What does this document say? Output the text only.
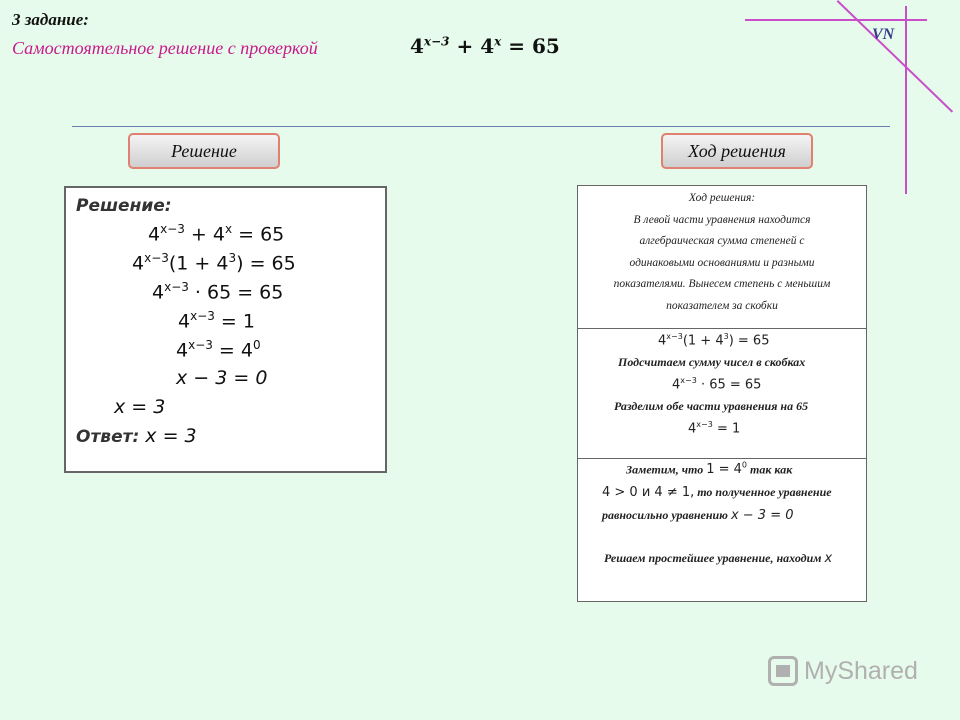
3 задание:
Самостоятельное решение с проверкой	$4^{x-3} + 4^x = 65$	VN
Решение	Ход решения
Решение:
$4^{x-3} + 4^x = 65$
$4^{x-3}(1 + 4^3) = 65$
$4^{x-3} \cdot 65 = 65$
$4^{x-3} = 1$
$4^{x-3} = 4^0$
x − 3 = 0
x = 3
Ответ: x = 3
Ход решения:
В левой части уравнения находится
алгебраическая сумма степеней с
одинаковыми основаниями и разными
показателями. Вынесем степень с меньшим
показателем за скобки
$4^{x-3}(1 + 4^3) = 65$
Подсчитаем сумму чисел в скобках
$4^{x-3} \cdot 65 = 65$
Разделим обе части уравнения на 65
$4^{x-3} = 1$
Заметим, что $1 = 4^0$ так как
4 > 0 и 4 ≠ 1, то полученное уравнение
равносильно уравнению x − 3 = 0
Решаем простейшее уравнение, находим x
MyShared
